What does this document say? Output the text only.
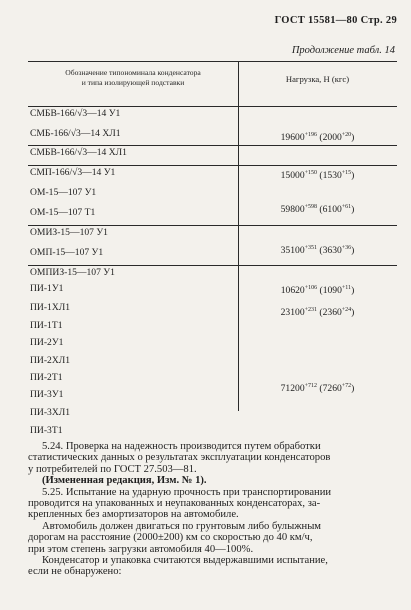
ГОСТ 15581—80 Стр. 29
Продолжение табл. 14
Обозначение типономинала конденсатора
и типа изолирующей подставки	Нагрузка, Н (кгс)
СМБВ-166/√3—14 У1
СМБ-166/√3—14 ХЛ1
СМБВ-166/√3—14 ХЛ1
СМП-166/√3—14 У1
ОМ-15—107 У1
ОМ-15—107 Т1
ОМИЗ-15—107 У1
ОМП-15—107 У1
ОМПИЗ-15—107 У1
ПИ-1У1
ПИ-1ХЛ1
ПИ-1Т1
ПИ-2У1
ПИ-2ХЛ1
ПИ-2Т1
ПИ-3У1
ПИ-3ХЛ1
ПИ-3Т1
$19600^{+196}$ $(2000^{+20})$
$15000^{+150}$ $(1530^{+15})$
$59800^{+598}$ $(6100^{+61})$
$35100^{+351}$ $(3630^{+36})$
$10620^{+106}$ $(1090^{+11})$
$23100^{+231}$ $(2360^{+24})$
$71200^{+712}$ $(7260^{+72})$

5.24. Проверка на надежность производится путем обработки

статистических данных о результатах эксплуатации конденсаторов

у потребителей по ГОСТ 27.503—81.

(Измененная редакция, Изм. № 1).

5.25. Испытание на ударную прочность при транспортировании

проводится на упакованных и неупакованных конденсаторах, за-

крепленных без амортизаторов на автомобиле.

Автомобиль должен двигаться по грунтовым либо булыжным

дорогам на расстояние (2000±200) км со скоростью до 40 км/ч,

при этом степень загрузки автомобиля 40—100%.

Конденсатор и упаковка считаются выдержавшими испытание,

если не обнаружено:
